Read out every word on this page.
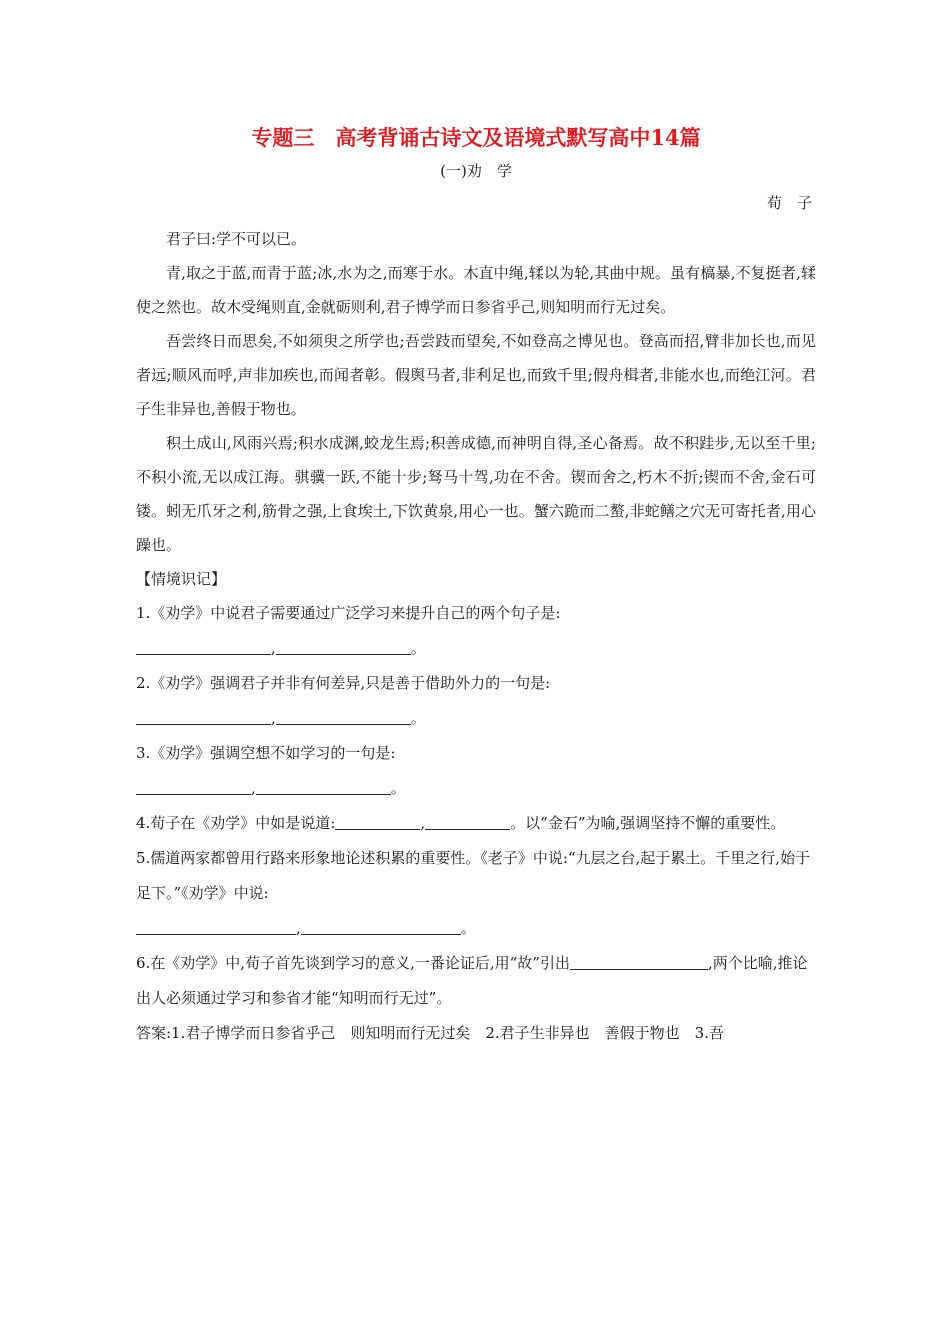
专题三　高考背诵古诗文及语境式默写高中14篇

(一)劝　学

荀　子

君子曰:学不可以已。

青,取之于蓝,而青于蓝;冰,水为之,而寒于水。木直中绳,𫐓以为轮,其曲中规。虽有槁暴,不复挺者,𫐓使之然也。故木受绳则直,金就砺则利,君子博学而日参省乎己,则知明而行无过矣。

吾尝终日而思矣,不如须臾之所学也;吾尝跂而望矣,不如登高之博见也。登高而招,臂非加长也,而见者远;顺风而呼,声非加疾也,而闻者彰。假舆马者,非利足也,而致千里;假舟楫者,非能水也,而绝江河。君子生非异也,善假于物也。

积土成山,风雨兴焉;积水成渊,蛟龙生焉;积善成德,而神明自得,圣心备焉。故不积跬步,无以至千里;不积小流,无以成江海。骐骥一跃,不能十步;驽马十驾,功在不舍。锲而舍之,朽木不折;锲而不舍,金石可镂。蚓无爪牙之利,筋骨之强,上食埃土,下饮黄泉,用心一也。蟹六跪而二螯,非蛇鳝之穴无可寄托者,用心躁也。

【情境识记】

1.《劝学》中说君子需要通过广泛学习来提升自己的两个句子是:

,	。

2.《劝学》强调君子并非有何差异,只是善于借助外力的一句是:

,	。

3.《劝学》强调空想不如学习的一句是:

,	。

4.荀子在《劝学》中如是说道:	,	。以“金石”为喻,强调坚持不懈的重要性。

5.儒道两家都曾用行路来形象地论述积累的重要性。《老子》中说:“九层之台,起于累土。千里之行,始于足下。”《劝学》中说:

,	。

6.在《劝学》中,荀子首先谈到学习的意义,一番论证后,用“故”引出	,两个比喻,推论出人必须通过学习和参省才能“知明而行无过”。

答案:1.君子博学而日参省乎己　则知明而行无过矣　2.君子生非异也　善假于物也　3.吾
